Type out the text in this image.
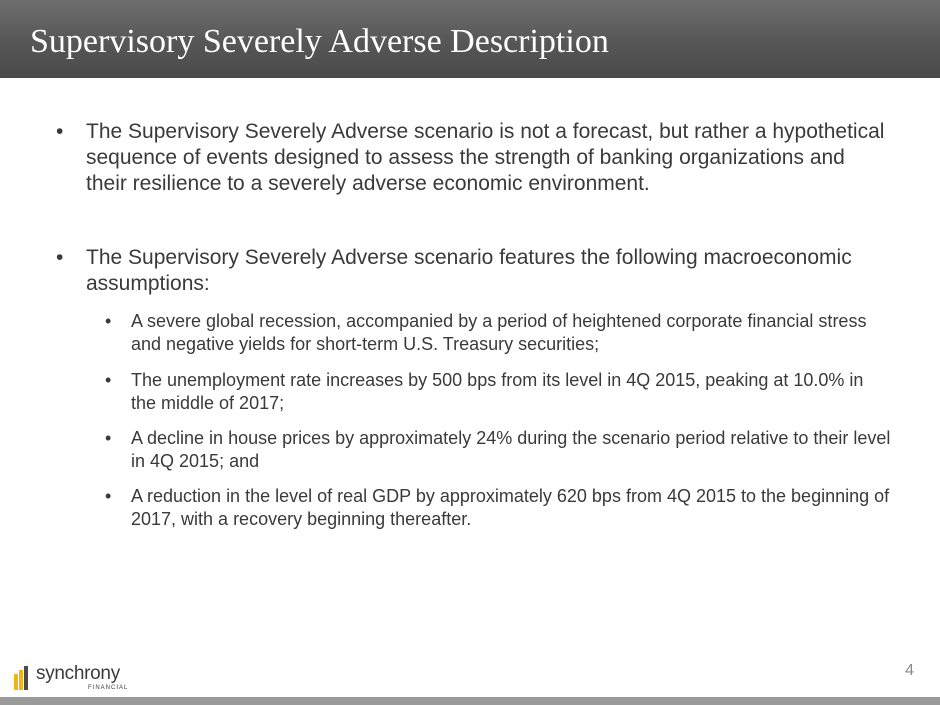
Supervisory Severely Adverse Description
• The Supervisory Severely Adverse scenario is not a forecast, but rather a hypothetical sequence of events designed to assess the strength of banking organizations and their resilience to a severely adverse economic environment.
• The Supervisory Severely Adverse scenario features the following macroeconomic assumptions:
• A severe global recession, accompanied by a period of heightened corporate financial stress and negative yields for short-term U.S. Treasury securities;
• The unemployment rate increases by 500 bps from its level in 4Q 2015, peaking at 10.0% in the middle of 2017;
• A decline in house prices by approximately 24% during the scenario period relative to their level in 4Q 2015; and
• A reduction in the level of real GDP by approximately 620 bps from 4Q 2015 to the beginning of 2017, with a recovery beginning thereafter.
synchrony
FINANCIAL
4
